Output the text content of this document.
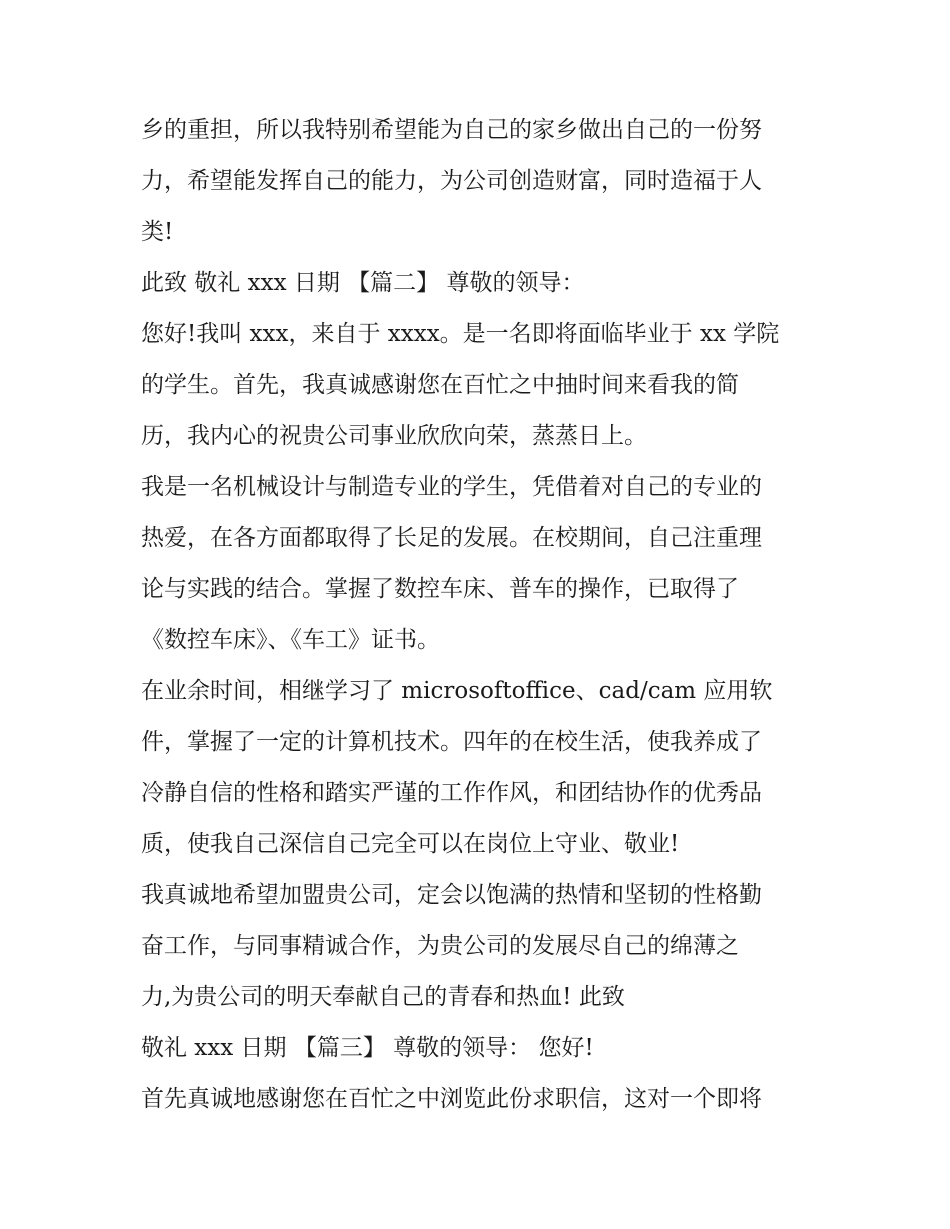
乡的重担，所以我特别希望能为自己的家乡做出自己的一份努
力，希望能发挥自己的能力，为公司创造财富，同时造福于人
类!
此致 敬礼 xxx 日期 【篇二】 尊敬的领导：
您好!我叫 xxx，来自于 xxxx。是一名即将面临毕业于 xx 学院
的学生。首先，我真诚感谢您在百忙之中抽时间来看我的简
历，我内心的祝贵公司事业欣欣向荣，蒸蒸日上。
我是一名机械设计与制造专业的学生，凭借着对自己的专业的
热爱，在各方面都取得了长足的发展。在校期间，自己注重理
论与实践的结合。掌握了数控车床、普车的操作，已取得了
《数控车床》、《车工》证书。
在业余时间，相继学习了 microsoftoffice、cad/cam 应用软
件，掌握了一定的计算机技术。四年的在校生活，使我养成了
冷静自信的性格和踏实严谨的工作作风，和团结协作的优秀品
质，使我自己深信自己完全可以在岗位上守业、敬业!
我真诚地希望加盟贵公司，定会以饱满的热情和坚韧的性格勤
奋工作，与同事精诚合作，为贵公司的发展尽自己的绵薄之
力,为贵公司的明天奉献自己的青春和热血! 此致
敬礼 xxx 日期 【篇三】 尊敬的领导： 您好!
首先真诚地感谢您在百忙之中浏览此份求职信，这对一个即将
